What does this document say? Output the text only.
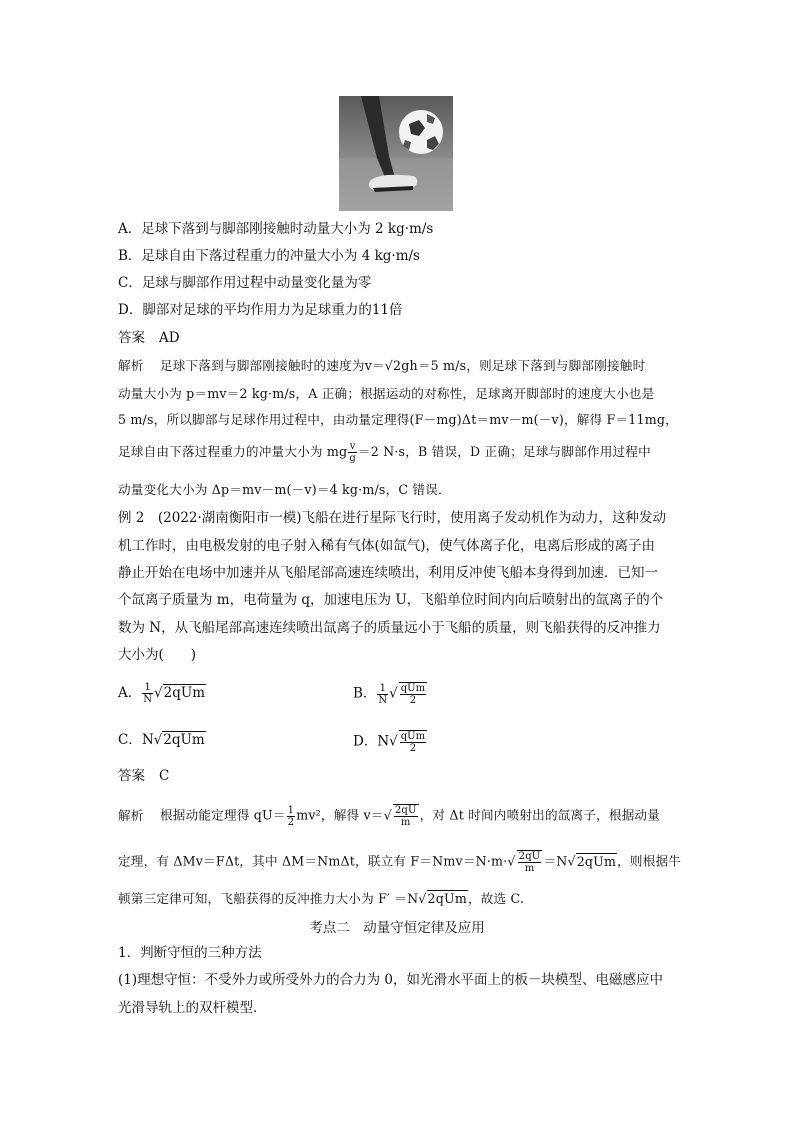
A．足球下落到与脚部刚接触时动量大小为 2 kg·m/s
B．足球自由下落过程重力的冲量大小为 4 kg·m/s
C．足球与脚部作用过程中动量变化量为零
D．脚部对足球的平均作用力为足球重力的11倍
答案 AD
解析 足球下落到与脚部刚接触时的速度为v＝√2gh＝5 m/s，则足球下落到与脚部刚接触时
动量大小为 p＝mv＝2 kg·m/s，A 正确；根据运动的对称性，足球离开脚部时的速度大小也是
5 m/s，所以脚部与足球作用过程中，由动量定理得(F－mg)Δt＝mv－m(－v)，解得 F＝11mg，
足球自由下落过程重力的冲量大小为 mg $\frac{v}{g} =2$ N·s，B 错误，D 正确；足球与脚部作用过程中
动量变化大小为 Δp＝mv－m(－v)＝4 kg·m/s，C 错误．
例 2　(2022·湖南衡阳市一模)飞船在进行星际飞行时，使用离子发动机作为动力，这种发动
机工作时，由电极发射的电子射入稀有气体(如氙气)，使气体离子化，电离后形成的离子由
静止开始在电场中加速并从飞船尾部高速连续喷出，利用反冲使飞船本身得到加速．已知一
个氙离子质量为 m，电荷量为 q，加速电压为 U，飞船单位时间内向后喷射出的氙离子的个
数为 N，从飞船尾部高速连续喷出氙离子的质量远小于飞船的质量，则飞船获得的反冲推力
大小为(　　)
A． $\frac{1}{N} √2qUm$	B． $\frac{1}{N}$ √ $\frac{\text{qUm}}{2}$
C．N√2qUm	D．$N√ \frac{\text{qUm}}{2}$
答案 C
解析 根据动能定理得 $qU= \frac{1}{2} mv^2$，解得 $v=√ \frac{2qU}{m}$ ，对 Δt 时间内喷射出的氙离子，根据动量
定理，有 ΔMv＝FΔt，其中 ΔM＝NmΔt，联立有 $F=Nmv=N\cdot m\cdot√ \frac{2qU}{m} =N√2qUm$，则根据牛
顿第三定律可知，飞船获得的反冲推力大小为 F′ ＝N√2qUm，故选 C.
考点二　动量守恒定律及应用
1．判断守恒的三种方法
(1)理想守恒：不受外力或所受外力的合力为 0，如光滑水平面上的板－块模型、电磁感应中
光滑导轨上的双杆模型．
